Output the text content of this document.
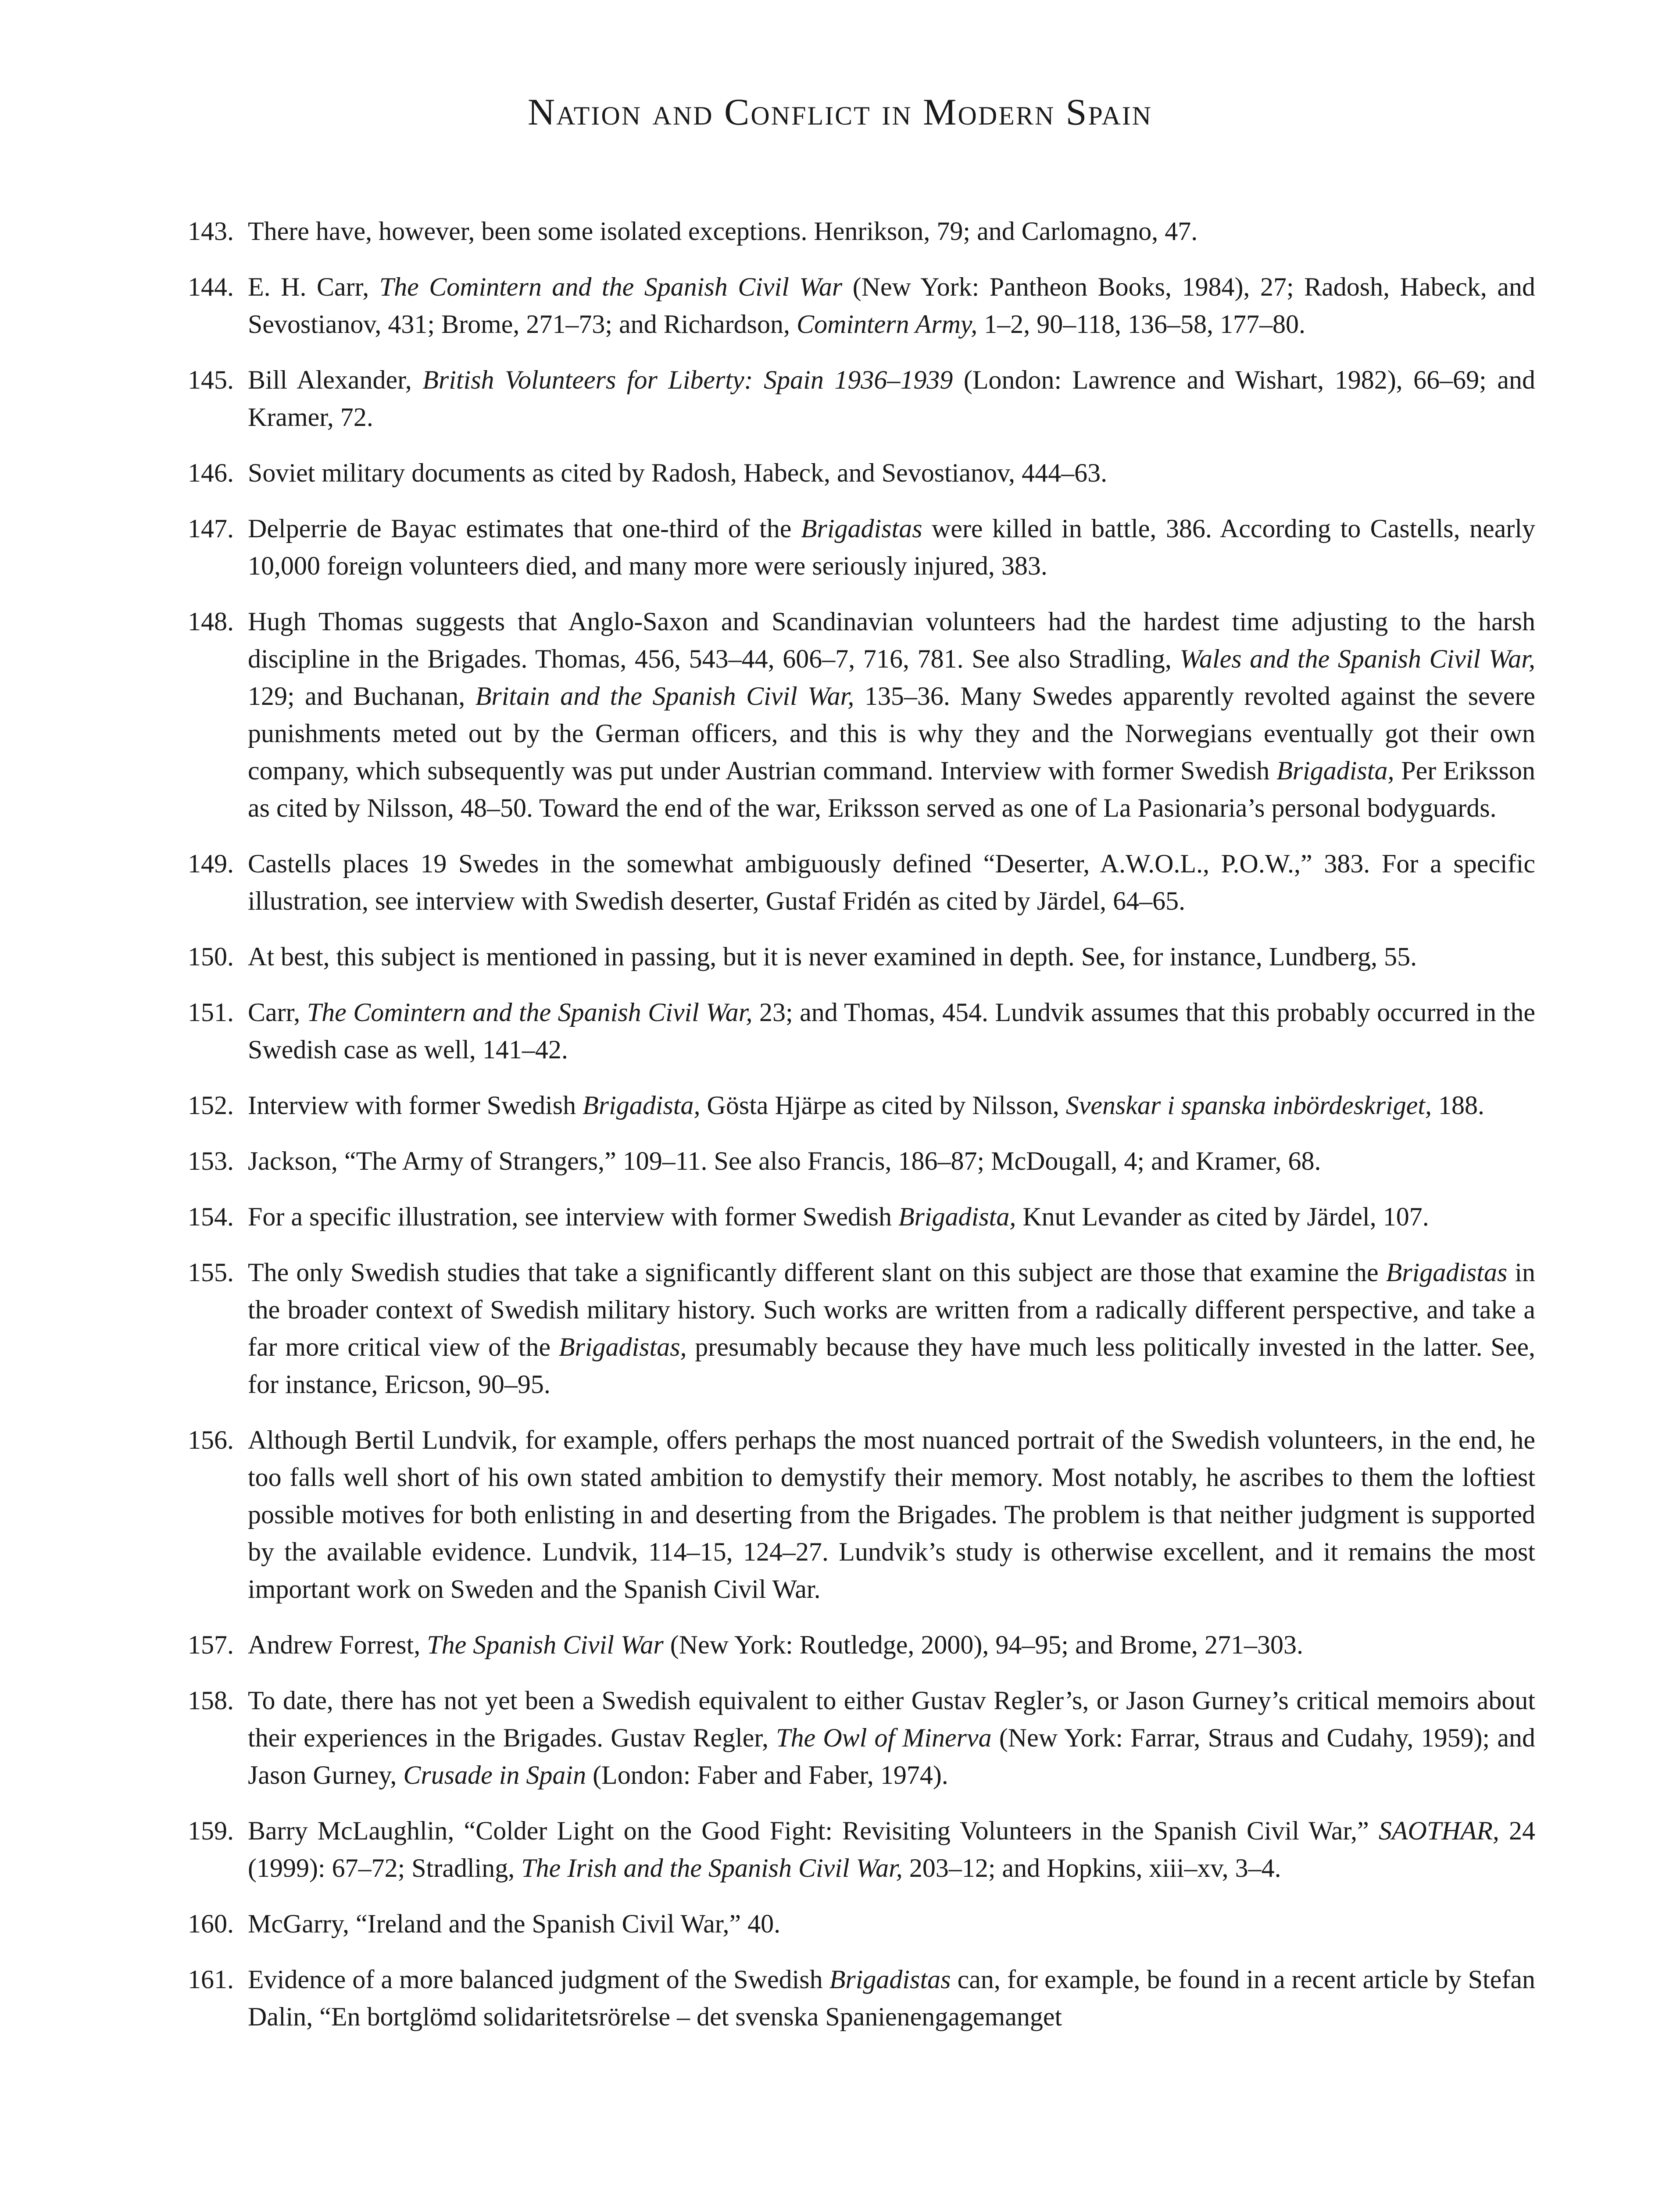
Nation and Conflict in Modern Spain
143. There have, however, been some isolated exceptions. Henrikson, 79; and Carlomagno, 47.
144. E. H. Carr, The Comintern and the Spanish Civil War (New York: Pantheon Books, 1984), 27; Radosh, Habeck, and Sevostianov, 431; Brome, 271–73; and Richardson, Comintern Army, 1–2, 90–118, 136–58, 177–80.
145. Bill Alexander, British Volunteers for Liberty: Spain 1936–1939 (London: Lawrence and Wishart, 1982), 66–69; and Kramer, 72.
146. Soviet military documents as cited by Radosh, Habeck, and Sevostianov, 444–63.
147. Delperrie de Bayac estimates that one-third of the Brigadistas were killed in battle, 386. According to Castells, nearly 10,000 foreign volunteers died, and many more were seriously injured, 383.
148. Hugh Thomas suggests that Anglo-Saxon and Scandinavian volunteers had the hardest time adjusting to the harsh discipline in the Brigades. Thomas, 456, 543–44, 606–7, 716, 781. See also Stradling, Wales and the Spanish Civil War, 129; and Buchanan, Britain and the Spanish Civil War, 135–36. Many Swedes apparently revolted against the severe punishments meted out by the German officers, and this is why they and the Norwegians eventually got their own company, which subsequently was put under Austrian command. Interview with former Swedish Brigadista, Per Eriksson as cited by Nilsson, 48–50. Toward the end of the war, Eriksson served as one of La Pasionaria’s personal bodyguards.
149. Castells places 19 Swedes in the somewhat ambiguously defined “Deserter, A.W.O.L., P.O.W.,” 383. For a specific illustration, see interview with Swedish deserter, Gustaf Fridén as cited by Järdel, 64–65.
150. At best, this subject is mentioned in passing, but it is never examined in depth. See, for instance, Lundberg, 55.
151. Carr, The Comintern and the Spanish Civil War, 23; and Thomas, 454. Lundvik assumes that this probably occurred in the Swedish case as well, 141–42.
152. Interview with former Swedish Brigadista, Gösta Hjärpe as cited by Nilsson, Svenskar i spanska inbördeskriget, 188.
153. Jackson, “The Army of Strangers,” 109–11. See also Francis, 186–87; McDougall, 4; and Kramer, 68.
154. For a specific illustration, see interview with former Swedish Brigadista, Knut Levander as cited by Järdel, 107.
155. The only Swedish studies that take a significantly different slant on this subject are those that examine the Brigadistas in the broader context of Swedish military history. Such works are written from a radically different perspective, and take a far more critical view of the Brigadistas, presumably because they have much less politically invested in the latter. See, for instance, Ericson, 90–95.
156. Although Bertil Lundvik, for example, offers perhaps the most nuanced portrait of the Swedish volunteers, in the end, he too falls well short of his own stated ambition to demystify their memory. Most notably, he ascribes to them the loftiest possible motives for both enlisting in and deserting from the Brigades. The problem is that neither judgment is supported by the available evidence. Lundvik, 114–15, 124–27. Lundvik’s study is otherwise excellent, and it remains the most important work on Sweden and the Spanish Civil War.
157. Andrew Forrest, The Spanish Civil War (New York: Routledge, 2000), 94–95; and Brome, 271–303.
158. To date, there has not yet been a Swedish equivalent to either Gustav Regler’s, or Jason Gurney’s critical memoirs about their experiences in the Brigades. Gustav Regler, The Owl of Minerva (New York: Farrar, Straus and Cudahy, 1959); and Jason Gurney, Crusade in Spain (London: Faber and Faber, 1974).
159. Barry McLaughlin, “Colder Light on the Good Fight: Revisiting Volunteers in the Spanish Civil War,” SAOTHAR, 24 (1999): 67–72; Stradling, The Irish and the Spanish Civil War, 203–12; and Hopkins, xiii–xv, 3–4.
160. McGarry, “Ireland and the Spanish Civil War,” 40.
161. Evidence of a more balanced judgment of the Swedish Brigadistas can, for example, be found in a recent article by Stefan Dalin, “En bortglömd solidaritetsrörelse – det svenska Spanienengagemanget
